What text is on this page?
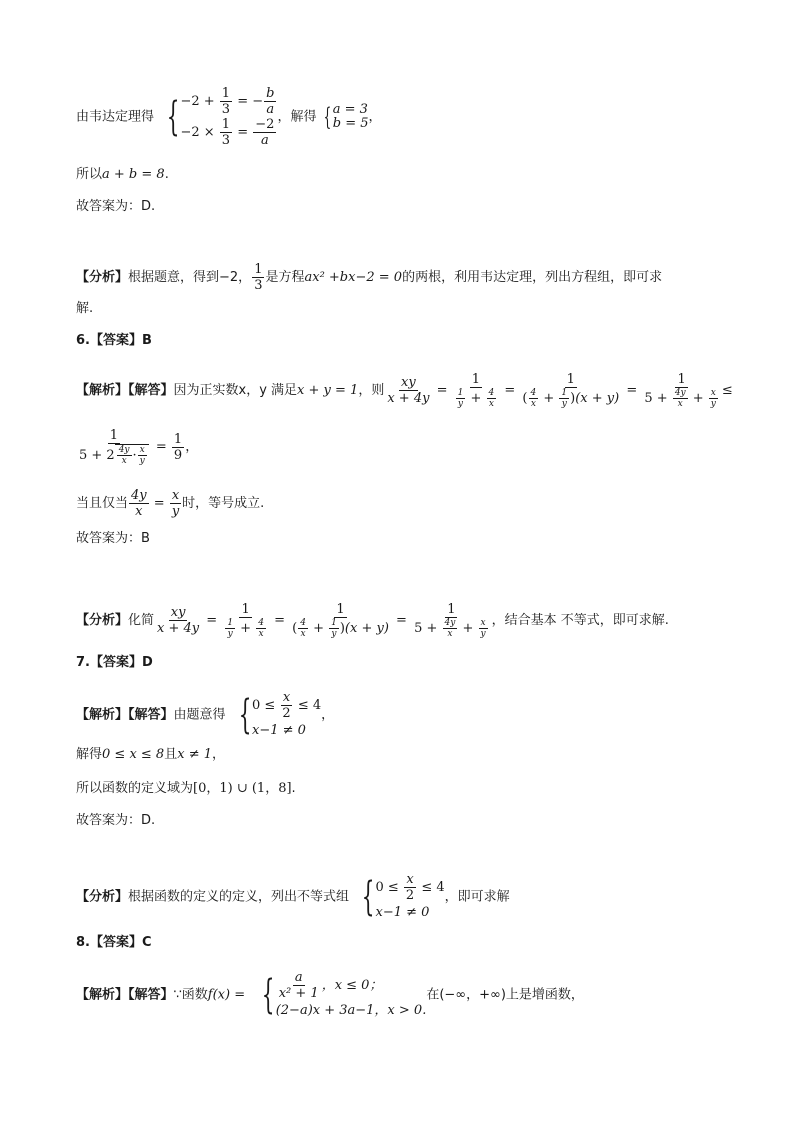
由韦达定理得 { $-2 + \frac{1}{3}$ = − $\frac{b}{a}$
$-2 \times \frac{1}{3} = \frac{-2}{a}$ ，解得 { a = 3
b = 5 ，
所以a + b = 8.
故答案为：D.
【分析】根据题意，得到−2， $\frac{1}{3}$ 是方程ax² +bx−2 = 0的两根，利用韦达定理，列出方程组，即可求
解.
6.【答案】B
【解析】【解答】因为正实数x，y 满足x + y = 1，则 $\frac{xy}{x + 4y} = \frac{1}{\frac{1}{y} + \frac{4}{x}} = \frac{1}{( \frac{4}{x} + \frac{1}{y} )(x + y)} = \frac{1}{5 + \frac{4y}{x} + \frac{x}{y}}$ ≤
$\frac{1}{5 + 2 \frac{4y}{x} \cdot \frac{x}{y}} = \frac{1}{9}$ ，
当且仅当 $\frac{4y}{x} = \frac{x}{y}$ 时，等号成立.
故答案为：B
【分析】化简 $\frac{xy}{x + 4y} = \frac{1}{\frac{1}{y} + \frac{4}{x}} = \frac{1}{( \frac{4}{x} + \frac{1}{y} )(x + y)} = \frac{1}{5 + \frac{4y}{x} + \frac{x}{y}}$ ，结合基本 不等式，即可求解.
7.【答案】D
【解析】【解答】由题意得 { $0 \le \frac{x}{2} \le 4$
x−1 ≠ 0
，
解得0 ≤ x ≤ 8且x ≠ 1，
所以函数的定义域为[0，1) ∪ (1，8].
故答案为：D.
【分析】根据函数的定义的定义，列出不等式组 { $0 \le \frac{x}{2} \le 4$
x−1 ≠ 0
，即可求解
8.【答案】C
【解析】【解答】∵函数f(x) = { $\frac{a}{\text{x² + 1}}$ ，x ≤ 0；
(2−a)x + 3a−1，x > 0.
在(−∞，+∞)上是增函数，
